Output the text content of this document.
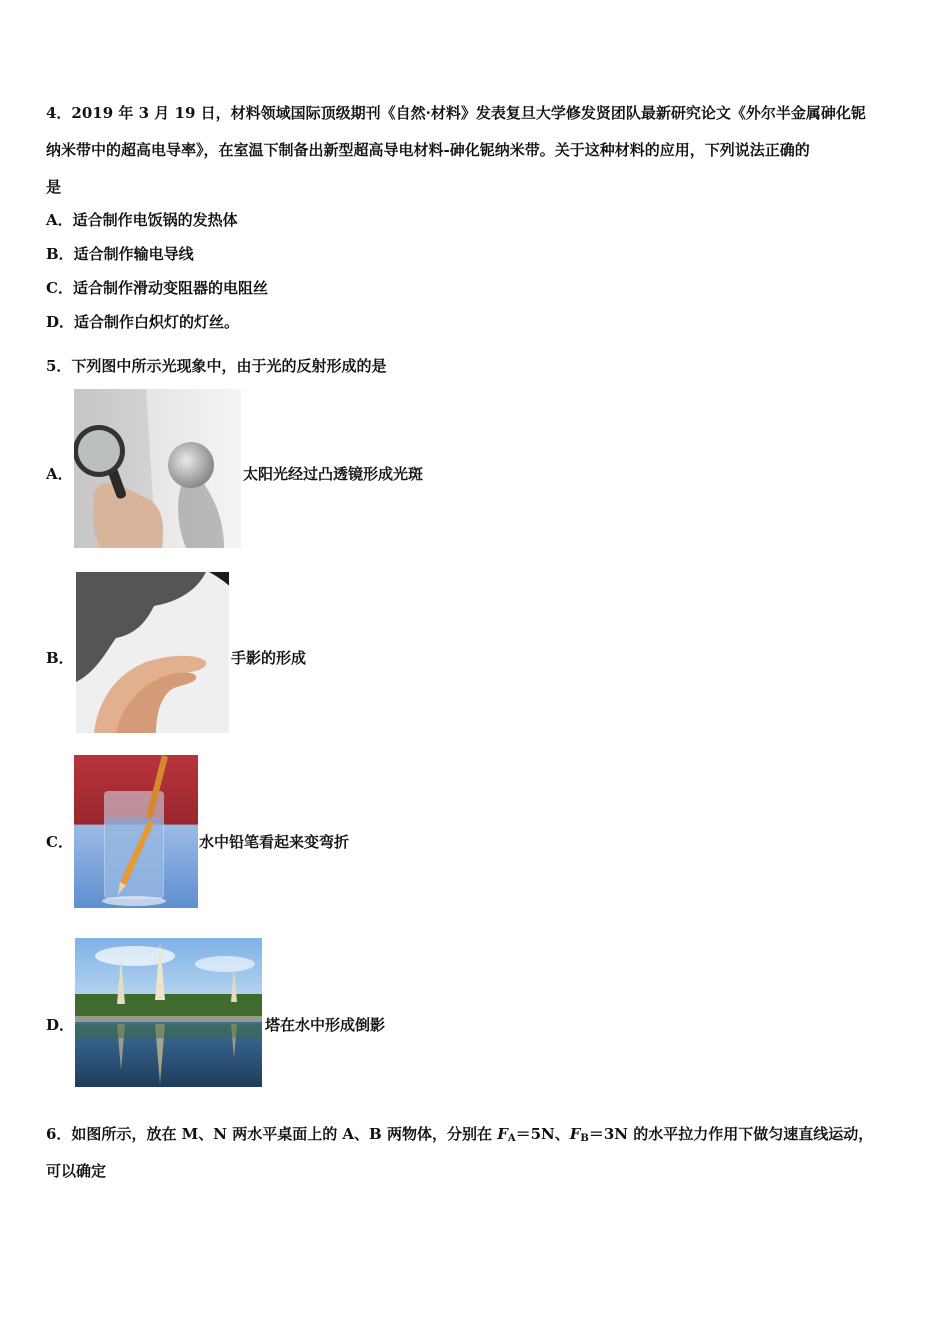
4．2019 年 3 月 19 日，材料领域国际顶级期刊《自然·材料》发表复旦大学修发贤团队最新研究论文《外尔半金属砷化铌
纳米带中的超高电导率》，在室温下制备出新型超高导电材料-砷化铌纳米带。关于这种材料的应用，下列说法正确的
是
A．适合制作电饭锅的发热体
B．适合制作输电导线
C．适合制作滑动变阻器的电阻丝
D．适合制作白炽灯的灯丝。
5．下列图中所示光现象中，由于光的反射形成的是
A．	太阳光经过凸透镜形成光斑
B．	手影的形成
C．	水中铅笔看起来变弯折
D．	塔在水中形成倒影
6．如图所示，放在 M、N 两水平桌面上的 A、B 两物体，分别在 $F_A=5N$、$F_B=3N$ 的水平拉力作用下做匀速直线运动，
可以确定
